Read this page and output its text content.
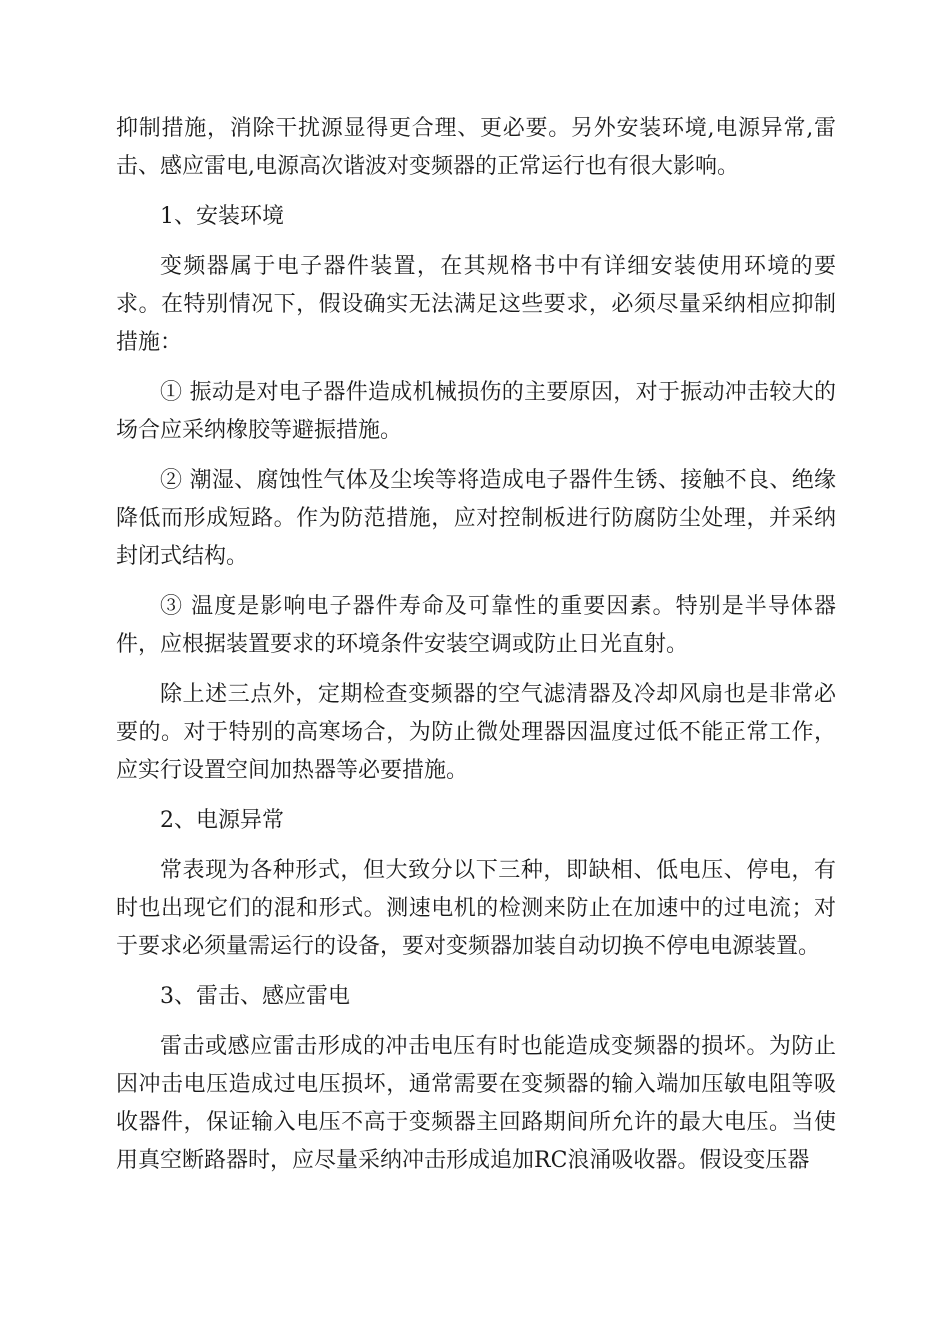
抑制措施，消除干扰源显得更合理、更必要。另外安装环境,电源异常,雷击、感应雷电,电源高次谐波对变频器的正常运行也有很大影响。

1、安装环境

变频器属于电子器件装置，在其规格书中有详细安装使用环境的要求。在特别情况下，假设确实无法满足这些要求，必须尽量采纳相应抑制措施：

① 振动是对电子器件造成机械损伤的主要原因，对于振动冲击较大的场合应采纳橡胶等避振措施。

② 潮湿、腐蚀性气体及尘埃等将造成电子器件生锈、接触不良、绝缘降低而形成短路。作为防范措施，应对控制板进行防腐防尘处理，并采纳封闭式结构。

③ 温度是影响电子器件寿命及可靠性的重要因素。特别是半导体器件，应根据装置要求的环境条件安装空调或防止日光直射。

除上述三点外，定期检查变频器的空气滤清器及冷却风扇也是非常必要的。对于特别的高寒场合，为防止微处理器因温度过低不能正常工作，应实行设置空间加热器等必要措施。

2、电源异常

常表现为各种形式，但大致分以下三种，即缺相、低电压、停电，有时也出现它们的混和形式。测速电机的检测来防止在加速中的过电流；对于要求必须量需运行的设备，要对变频器加装自动切换不停电电源装置。

3、雷击、感应雷电

雷击或感应雷击形成的冲击电压有时也能造成变频器的损坏。为防止因冲击电压造成过电压损坏，通常需要在变频器的输入端加压敏电阻等吸收器件，保证输入电压不高于变频器主回路期间所允许的最大电压。当使用真空断路器时，应尽量采纳冲击形成追加RC浪涌吸收器。假设变压器
